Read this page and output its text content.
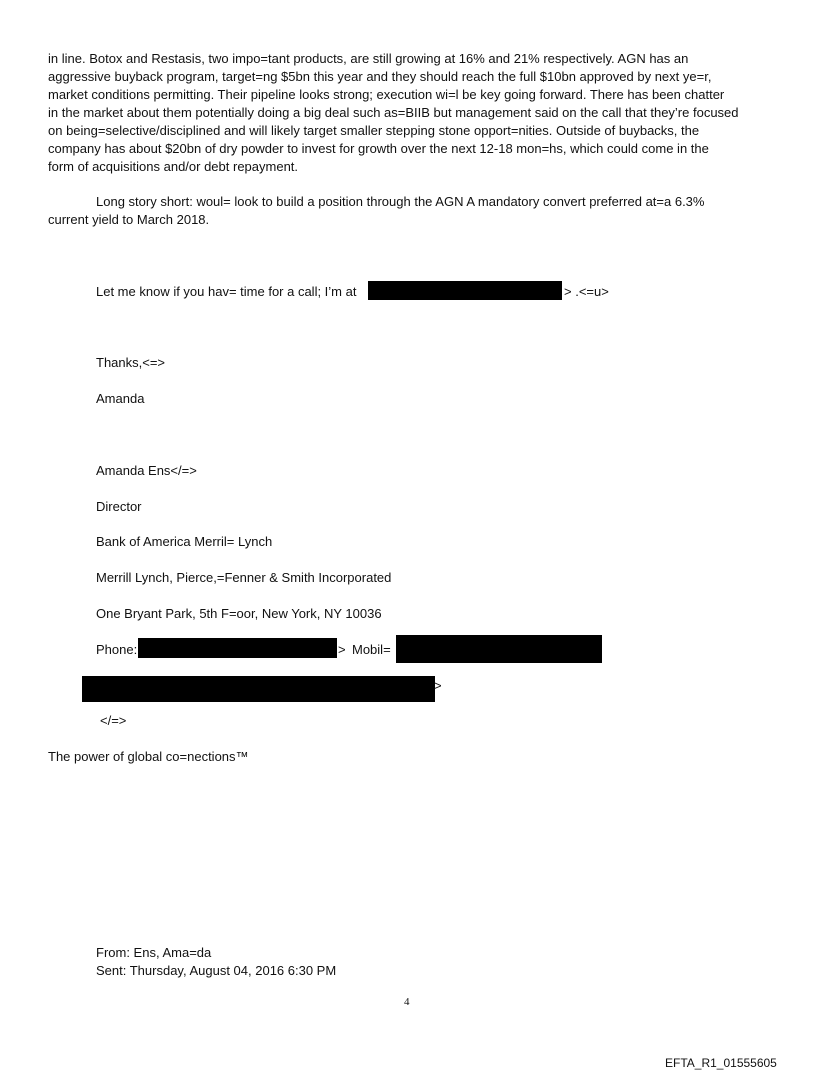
in line. Botox and Restasis, two impo=tant products, are still growing at 16% and 21% respectively. AGN has an
aggressive buyback program, target=ng $5bn this year and they should reach the full $10bn approved by next ye=r,
market conditions permitting. Their pipeline looks strong; execution wi=l be key going forward. There has been chatter
in the market about them potentially doing a big deal such as=BIIB but management said on the call that they’re focused
on being=selective/disciplined and will likely target smaller stepping stone opport=nities. Outside of buybacks, the
company has about $20bn of dry powder to invest for growth over the next 12-18 mon=hs, which could come in the
form of acquisitions and/or debt repayment.
Long story short: woul= look to build a position through the AGN A mandatory convert preferred at=a 6.3%
current yield to March 2018.
Let me know if you hav= time for a call; I’m at	> .<=u>
Thanks,<=>
Amanda
Amanda Ens</=>
Director
Bank of America Merril= Lynch
Merrill Lynch, Pierce,=Fenner & Smith Incorporated
One Bryant Park, 5th F=oor, New York, NY 10036
Phone:	> Mobil=
>
</=>
The power of global co=nections™
From: Ens, Ama=da
Sent: Thursday, August 04, 2016 6:30 PM
4
EFTA_R1_01555605
